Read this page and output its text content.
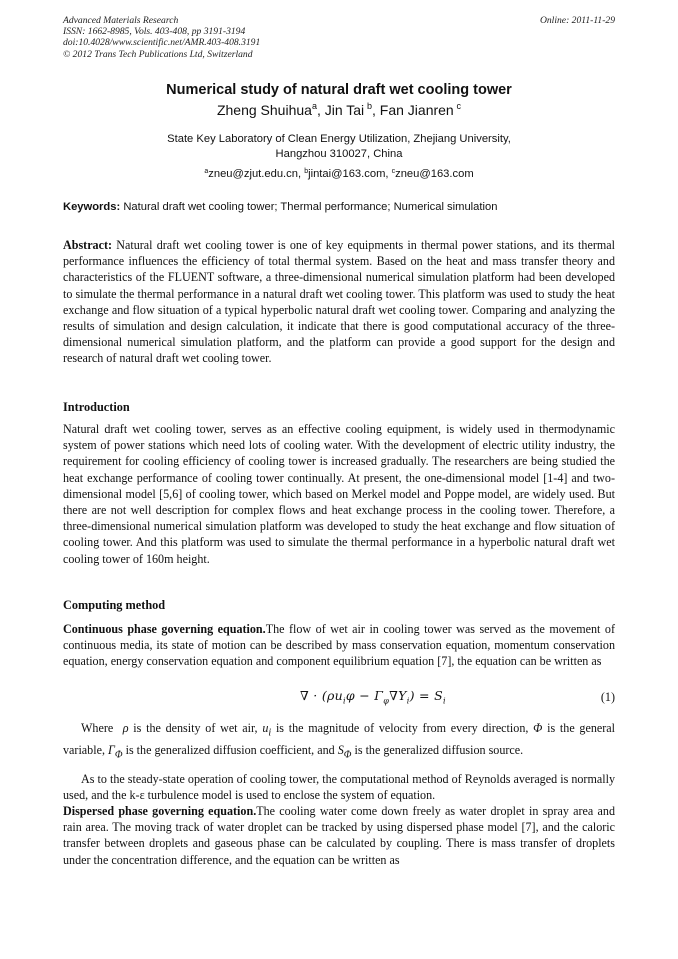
Advanced Materials Research
ISSN: 1662-8985, Vols. 403-408, pp 3191-3194
doi:10.4028/www.scientific.net/AMR.403-408.3191
© 2012 Trans Tech Publications Ltd, Switzerland
Online: 2011-11-29
Numerical study of natural draft wet cooling tower
Zheng Shuihua$^a$, Jin Tai  $^b$, Fan Jianren  $^c$
State Key Laboratory of Clean Energy Utilization, Zhejiang University,
Hangzhou 310027, China
$^a$zneu@zjut.edu.cn, $^b$jintai@163.com, $^c$zneu@163.com
Keywords: Natural draft wet cooling tower; Thermal performance; Numerical simulation

Abstract: Natural draft wet cooling tower is one of key equipments in thermal power stations, and its thermal performance influences the efficiency of total thermal system. Based on the heat and mass transfer theory and characteristics of the FLUENT software, a three-dimensional numerical simulation platform had been developed to simulate the thermal performance in a natural draft wet cooling tower. This platform was used to study the heat exchange and flow situation of a typical hyperbolic natural draft wet cooling tower. Comparing and analyzing the results of simulation and design calculation, it indicate that there is good computational accuracy of the three-dimensional numerical simulation platform, and the platform can provide a good support for the design and research of natural draft wet cooling tower.

Introduction

Natural draft wet cooling tower, serves as an effective cooling equipment, is widely used in thermodynamic system of power stations which need lots of cooling water. With the development of electric utility industry, the requirement for cooling efficiency of cooling tower is increased gradually. The researchers are being studied the heat exchange performance of cooling tower continually. At present, the one-dimensional model [1-4] and two-dimensional model [5,6] of cooling tower, which based on Merkel model and Poppe model, are widely used. But there are not well description for complex flows and heat exchange process in the cooling tower. Therefore, a three-dimensional numerical simulation platform was developed to study the heat exchange and flow situation of cooling tower. And this platform was used to simulate the thermal performance in a hyperbolic natural draft wet cooling tower of 160m height.

Computing method

Continuous phase governing equation.The flow of wet air in cooling tower was served as the movement of continuous media, its state of motion can be described by mass conservation equation, momentum conservation equation, energy conservation equation and component equilibrium equation [7], the equation can be written as

∇ · $(\rho u_i\varphi - \Gamma_\varphi\nabla Y_i) = S_i$	(1)

Where ρ is the density of wet air, $u_i$ is the magnitude of velocity from every direction, Φ is the general variable, $\Gamma_\Phi$ is the generalized diffusion coefficient, and $S_\Phi$ is the generalized diffusion source.

As to the steady-state operation of cooling tower, the computational method of Reynolds averaged is normally used, and the k-ε turbulence model is used to enclose the system of equation.

Dispersed phase governing equation.The cooling water come down freely as water droplet in spray area and rain area. The moving track of water droplet can be tracked by using dispersed phase model [7], and the caloric transfer between droplets and gaseous phase can be calculated by coupling. There is mass transfer of droplets under the concentration difference, and the equation can be written as
